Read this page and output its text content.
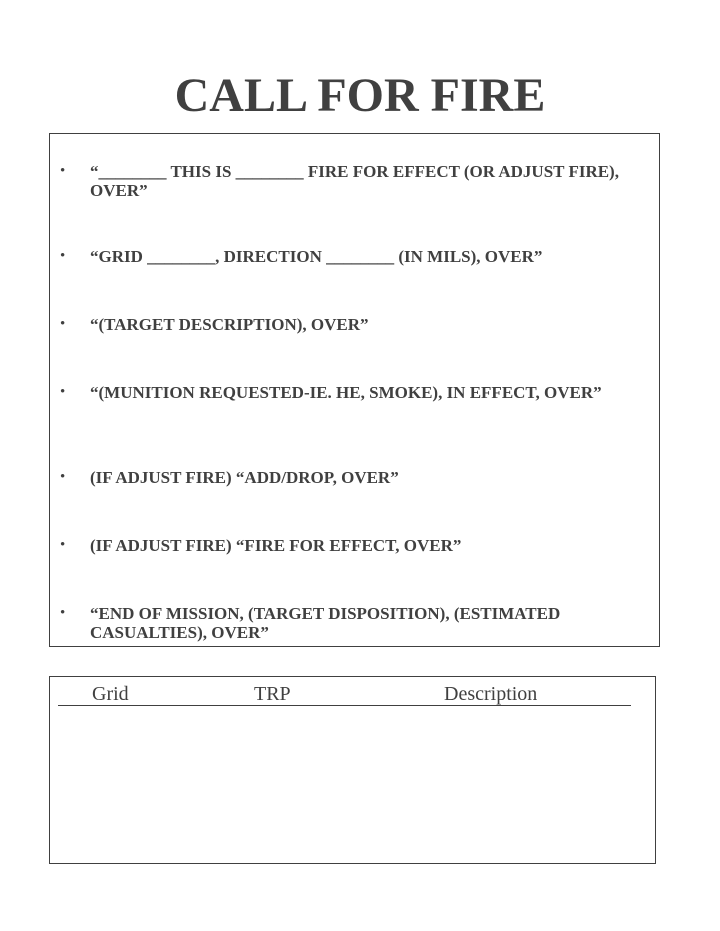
CALL FOR FIRE
• “________ THIS IS ________ FIRE FOR EFFECT (OR ADJUST FIRE), OVER”
• “GRID ________, DIRECTION ________ (IN MILS), OVER”
• “(TARGET DESCRIPTION), OVER”
• “(MUNITION REQUESTED-IE. HE, SMOKE), IN EFFECT, OVER”
• (IF ADJUST FIRE) “ADD/DROP, OVER”
• (IF ADJUST FIRE) “FIRE FOR EFFECT, OVER”
• “END OF MISSION, (TARGET DISPOSITION), (ESTIMATED CASUALTIES), OVER”
Grid	TRP	Description
